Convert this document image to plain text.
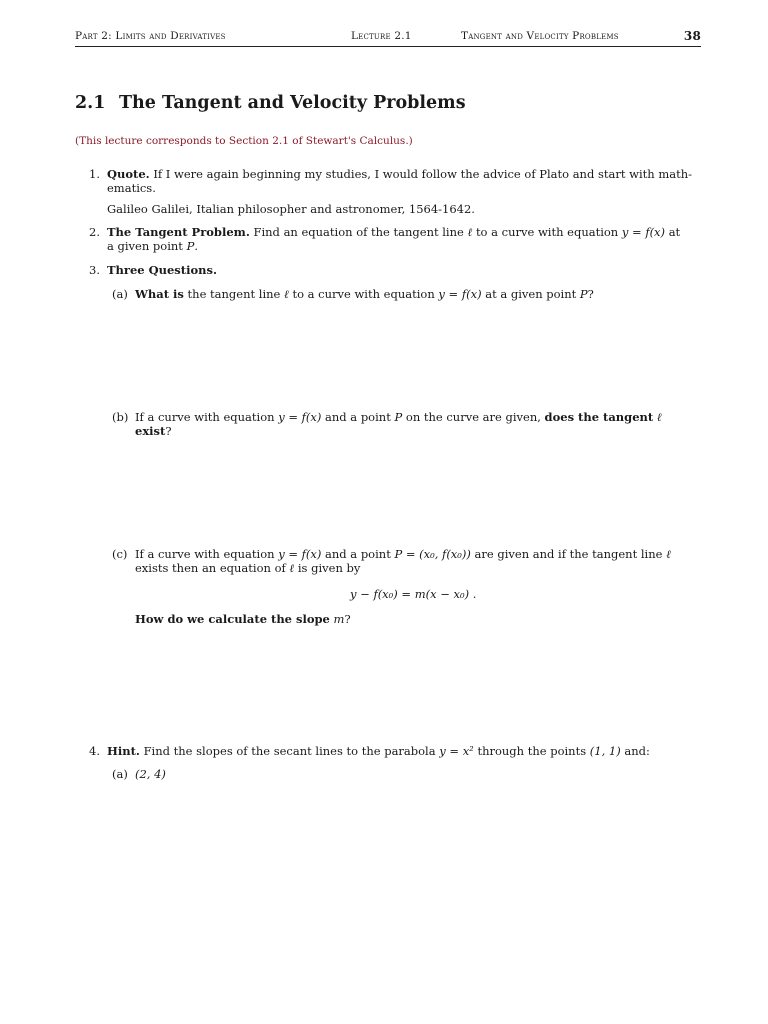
Part 2: Limits and Derivatives	Lecture 2.1	Tangent and Velocity Problems	38
2.1 The Tangent and Velocity Problems
(This lecture corresponds to Section 2.1 of Stewart's Calculus.)
1. Quote. If I were again beginning my studies, I would follow the advice of Plato and start with math-
ematics.
Galileo Galilei, Italian philosopher and astronomer, 1564-1642.
2. The Tangent Problem. Find an equation of the tangent line ℓ to a curve with equation y = f(x) at
a given point P.
3. Three Questions.
(a) What is the tangent line ℓ to a curve with equation y = f(x) at a given point P?
(b) If a curve with equation y = f(x) and a point P on the curve are given, does the tangent ℓ
exist?
(c) If a curve with equation y = f(x) and a point P = (x₀, f(x₀)) are given and if the tangent line ℓ
exists then an equation of ℓ is given by
y − f(x₀) = m(x − x₀) .
How do we calculate the slope m?
4. Hint. Find the slopes of the secant lines to the parabola y = x² through the points (1, 1) and:
(a) (2, 4)
